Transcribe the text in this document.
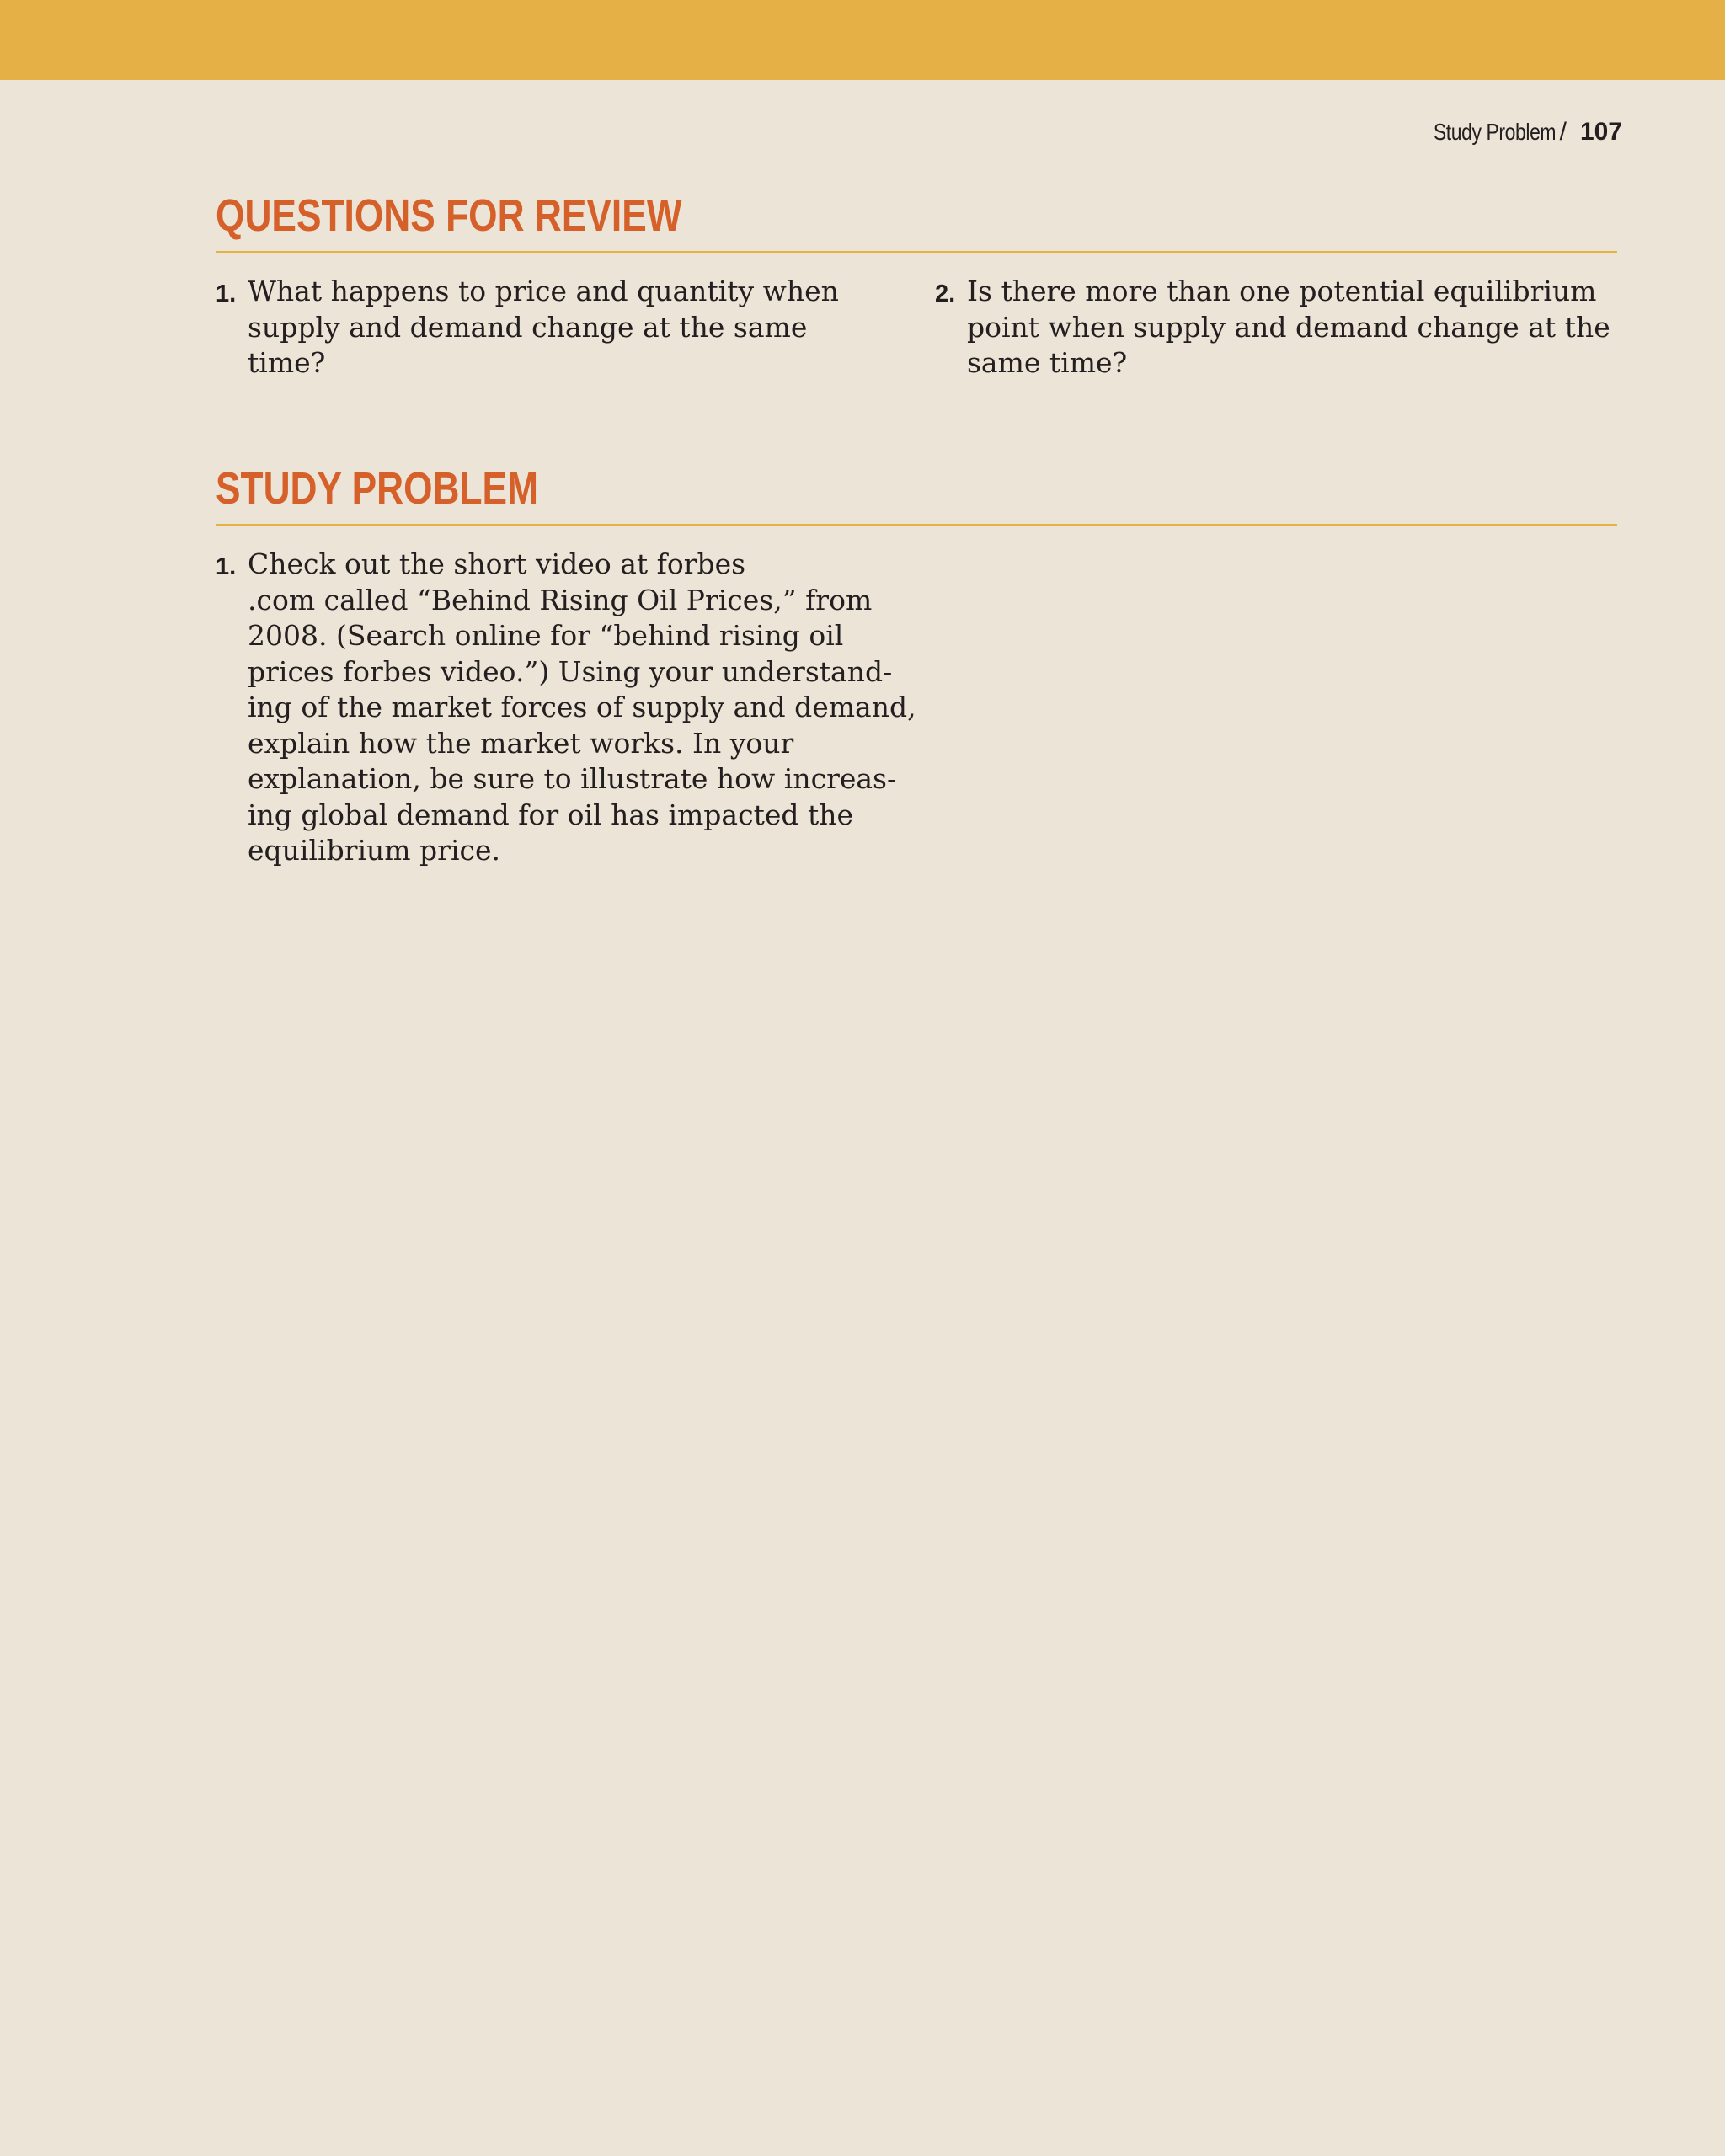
Study Problem / 107
QUESTIONS FOR REVIEW
1. What happens to price and quantity when
supply and demand change at the same
time?

2. Is there more than one potential equilibrium
point when supply and demand change at the
same time?

STUDY PROBLEM
1. Check out the short video at forbes
.com called “Behind Rising Oil Prices,” from
2008. (Search online for “behind rising oil
prices forbes video.”) Using your understand-
ing of the market forces of supply and demand,
explain how the market works. In your
explanation, be sure to illustrate how increas-
ing global demand for oil has impacted the
equilibrium price.
